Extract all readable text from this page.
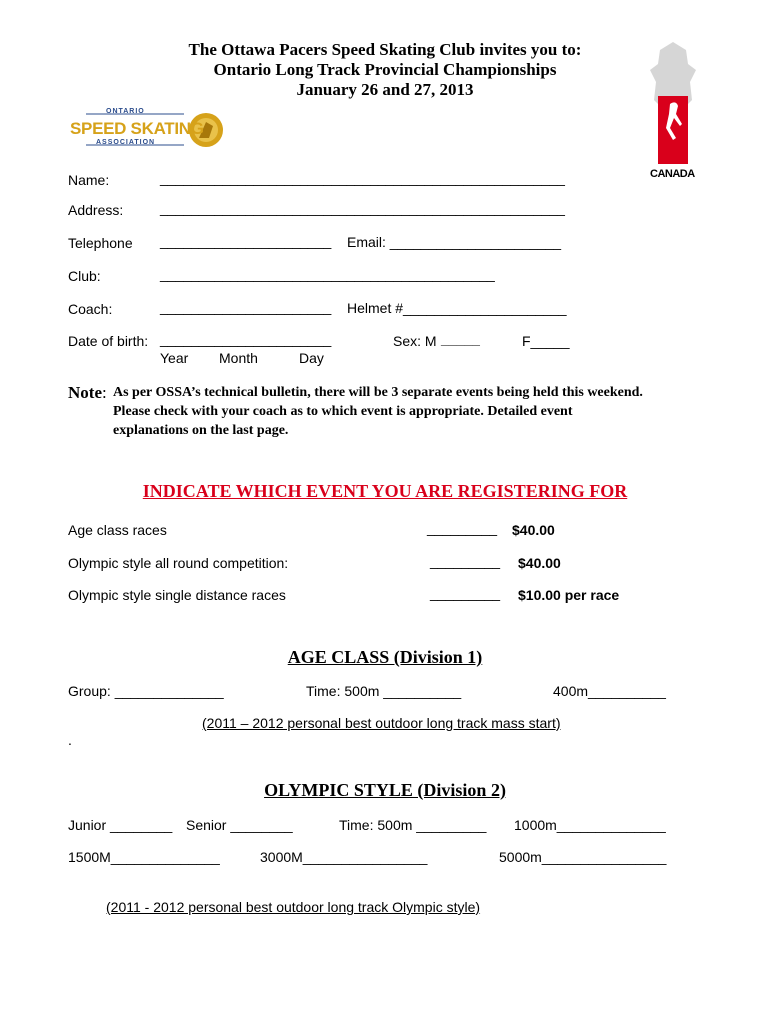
The Ottawa Pacers Speed Skating Club invites you to:
Ontario Long Track Provincial Championships
January 26 and 27, 2013
ONTARIO
SPEED SKATING
ASSOCIATION
CANADA
Name:	____________________________________________________
Address:	____________________________________________________
Telephone ______________________ Email: ______________________
Club:	___________________________________________
Coach:	______________________ Helmet #_____________________
Date of birth: ______________________	Sex: M _____	F_____
Year Month	Day
Note: As per OSSA’s technical bulletin, there will be 3 separate events being held this weekend.
Please check with your coach as to which event is appropriate. Detailed event
explanations on the last page.
INDICATE WHICH EVENT YOU ARE REGISTERING FOR
Age class races	_________ $40.00
Olympic style all round competition:	_________ $40.00
Olympic style single distance races	_________ $10.00 per race
AGE CLASS (Division 1)
Group: ______________	Time: 500m __________	400m__________
(2011 – 2012 personal best outdoor long track mass start)
.
OLYMPIC STYLE (Division 2)
Junior ________ Senior ________	Time: 500m _________ 1000m______________
1500M______________	3000M________________	5000m________________
(2011 - 2012 personal best outdoor long track Olympic style)
